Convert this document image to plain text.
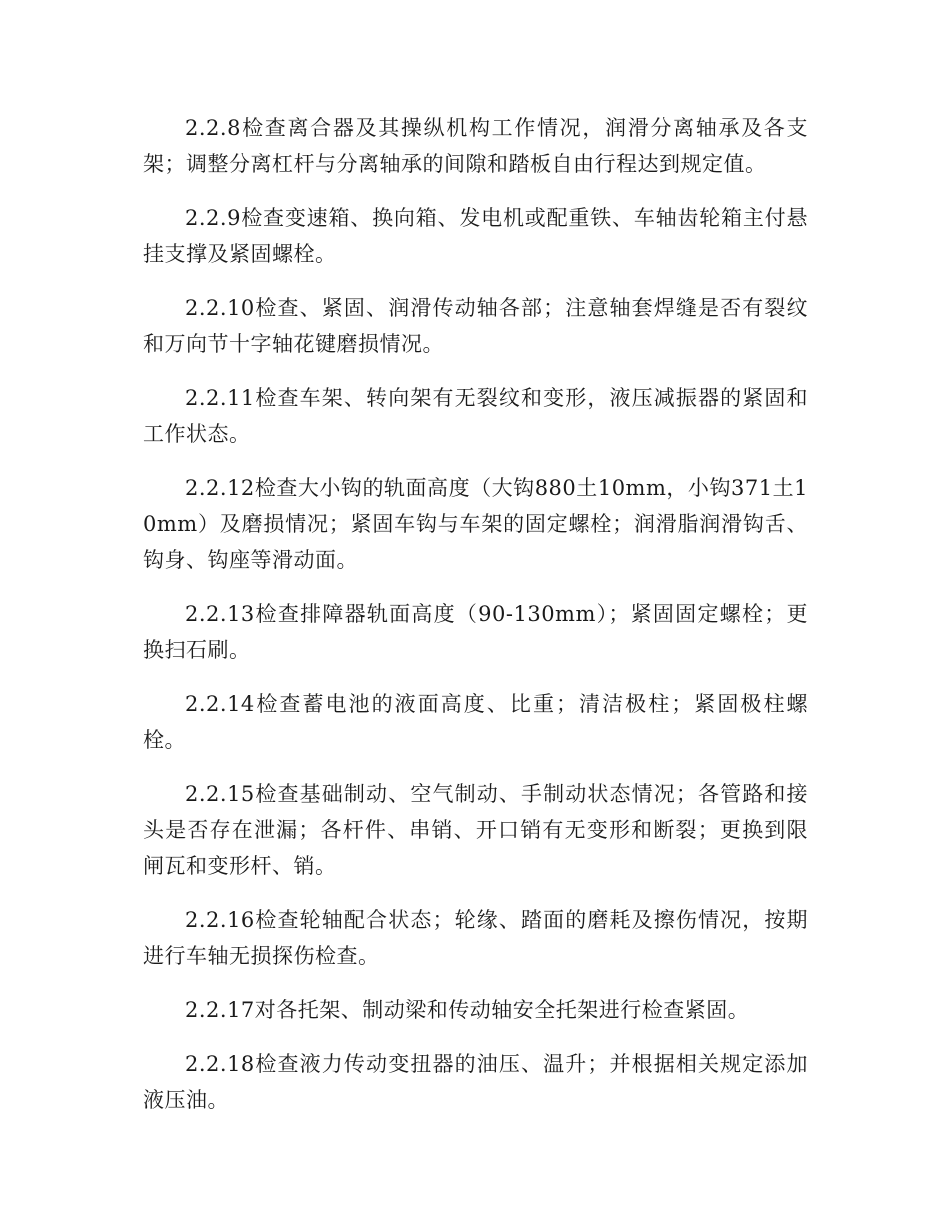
2.2.8检查离合器及其操纵机构工作情况，润滑分离轴承及各支架；调整分离杠杆与分离轴承的间隙和踏板自由行程达到规定值。

2.2.9检查变速箱、换向箱、发电机或配重铁、车轴齿轮箱主付悬挂支撑及紧固螺栓。

2.2.10检查、紧固、润滑传动轴各部；注意轴套焊缝是否有裂纹和万向节十字轴花键磨损情况。

2.2.11检查车架、转向架有无裂纹和变形，液压减振器的紧固和工作状态。

2.2.12检查大小钩的轨面高度（大钩880土10mm，小钩371土10mm）及磨损情况；紧固车钩与车架的固定螺栓；润滑脂润滑钩舌、钩身、钩座等滑动面。

2.2.13检查排障器轨面高度（90-130mm）；紧固固定螺栓；更换扫石刷。

2.2.14检查蓄电池的液面高度、比重；清洁极柱；紧固极柱螺栓。

2.2.15检查基础制动、空气制动、手制动状态情况；各管路和接头是否存在泄漏；各杆件、串销、开口销有无变形和断裂；更换到限闸瓦和变形杆、销。

2.2.16检查轮轴配合状态；轮缘、踏面的磨耗及擦伤情况，按期进行车轴无损探伤检查。

2.2.17对各托架、制动梁和传动轴安全托架进行检查紧固。

2.2.18检查液力传动变扭器的油压、温升；并根据相关规定添加液压油。
